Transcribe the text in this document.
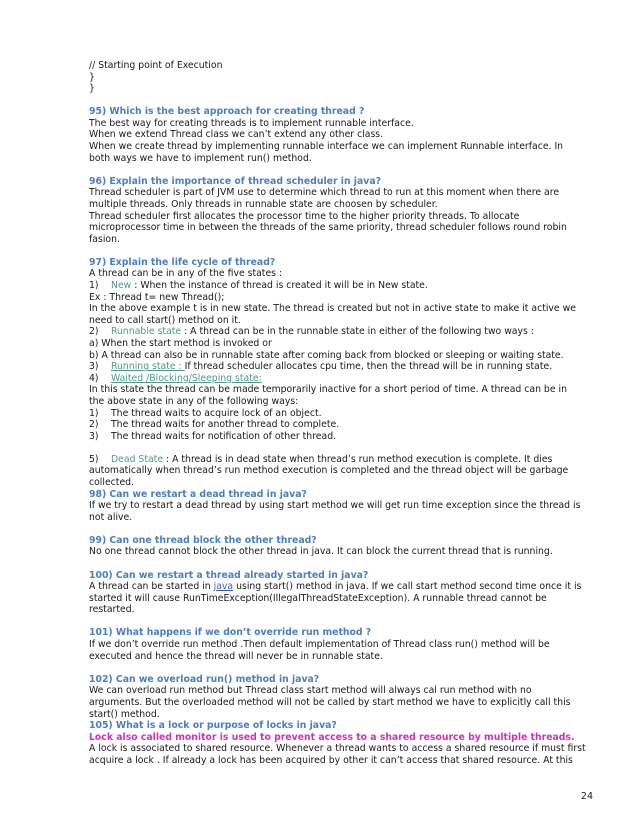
// Starting point of Execution
}
}
95) Which is the best approach for creating thread ?
The best way for creating threads is to implement runnable interface.
When we extend Thread class we can’t extend any other class.
When we create thread by implementing runnable interface we can implement Runnable interface. In
both ways we have to implement run() method.
96) Explain the importance of thread scheduler in java?
Thread scheduler is part of JVM use to determine which thread to run at this moment when there are
multiple threads. Only threads in runnable state are choosen by scheduler.
Thread scheduler first allocates the processor time to the higher priority threads. To allocate
microprocessor time in between the threads of the same priority, thread scheduler follows round robin
fasion.
97) Explain the life cycle of thread?
A thread can be in any of the five states :
1) New : When the instance of thread is created it will be in New state.
Ex : Thread t= new Thread();
In the above example t is in new state. The thread is created but not in active state to make it active we
need to call start() method on it.
2) Runnable state : A thread can be in the runnable state in either of the following two ways :
a) When the start method is invoked or
b) A thread can also be in runnable state after coming back from blocked or sleeping or waiting state.
3) Running state : If thread scheduler allocates cpu time, then the thread will be in running state.
4) Waited /Blocking/Sleeping state:
In this state the thread can be made temporarily inactive for a short period of time. A thread can be in
the above state in any of the following ways:
1) The thread waits to acquire lock of an object.
2) The thread waits for another thread to complete.
3) The thread waits for notification of other thread.
5) Dead State : A thread is in dead state when thread’s run method execution is complete. It dies
automatically when thread’s run method execution is completed and the thread object will be garbage
collected.
98) Can we restart a dead thread in java?
If we try to restart a dead thread by using start method we will get run time exception since the thread is
not alive.
99) Can one thread block the other thread?
No one thread cannot block the other thread in java. It can block the current thread that is running.
100) Can we restart a thread already started in java?
A thread can be started in java using start() method in java. If we call start method second time once it is
started it will cause RunTimeException(IllegalThreadStateException). A runnable thread cannot be
restarted.
101) What happens if we don’t override run method ?
If we don’t override run method .Then default implementation of Thread class run() method will be
executed and hence the thread will never be in runnable state.
102) Can we overload run() method in java?
We can overload run method but Thread class start method will always cal run method with no
arguments. But the overloaded method will not be called by start method we have to explicitly call this
start() method.
105) What is a lock or purpose of locks in java?
Lock also called monitor is used to prevent access to a shared resource by multiple threads.
A lock is associated to shared resource. Whenever a thread wants to access a shared resource if must first
acquire a lock . If already a lock has been acquired by other it can’t access that shared resource. At this
24
